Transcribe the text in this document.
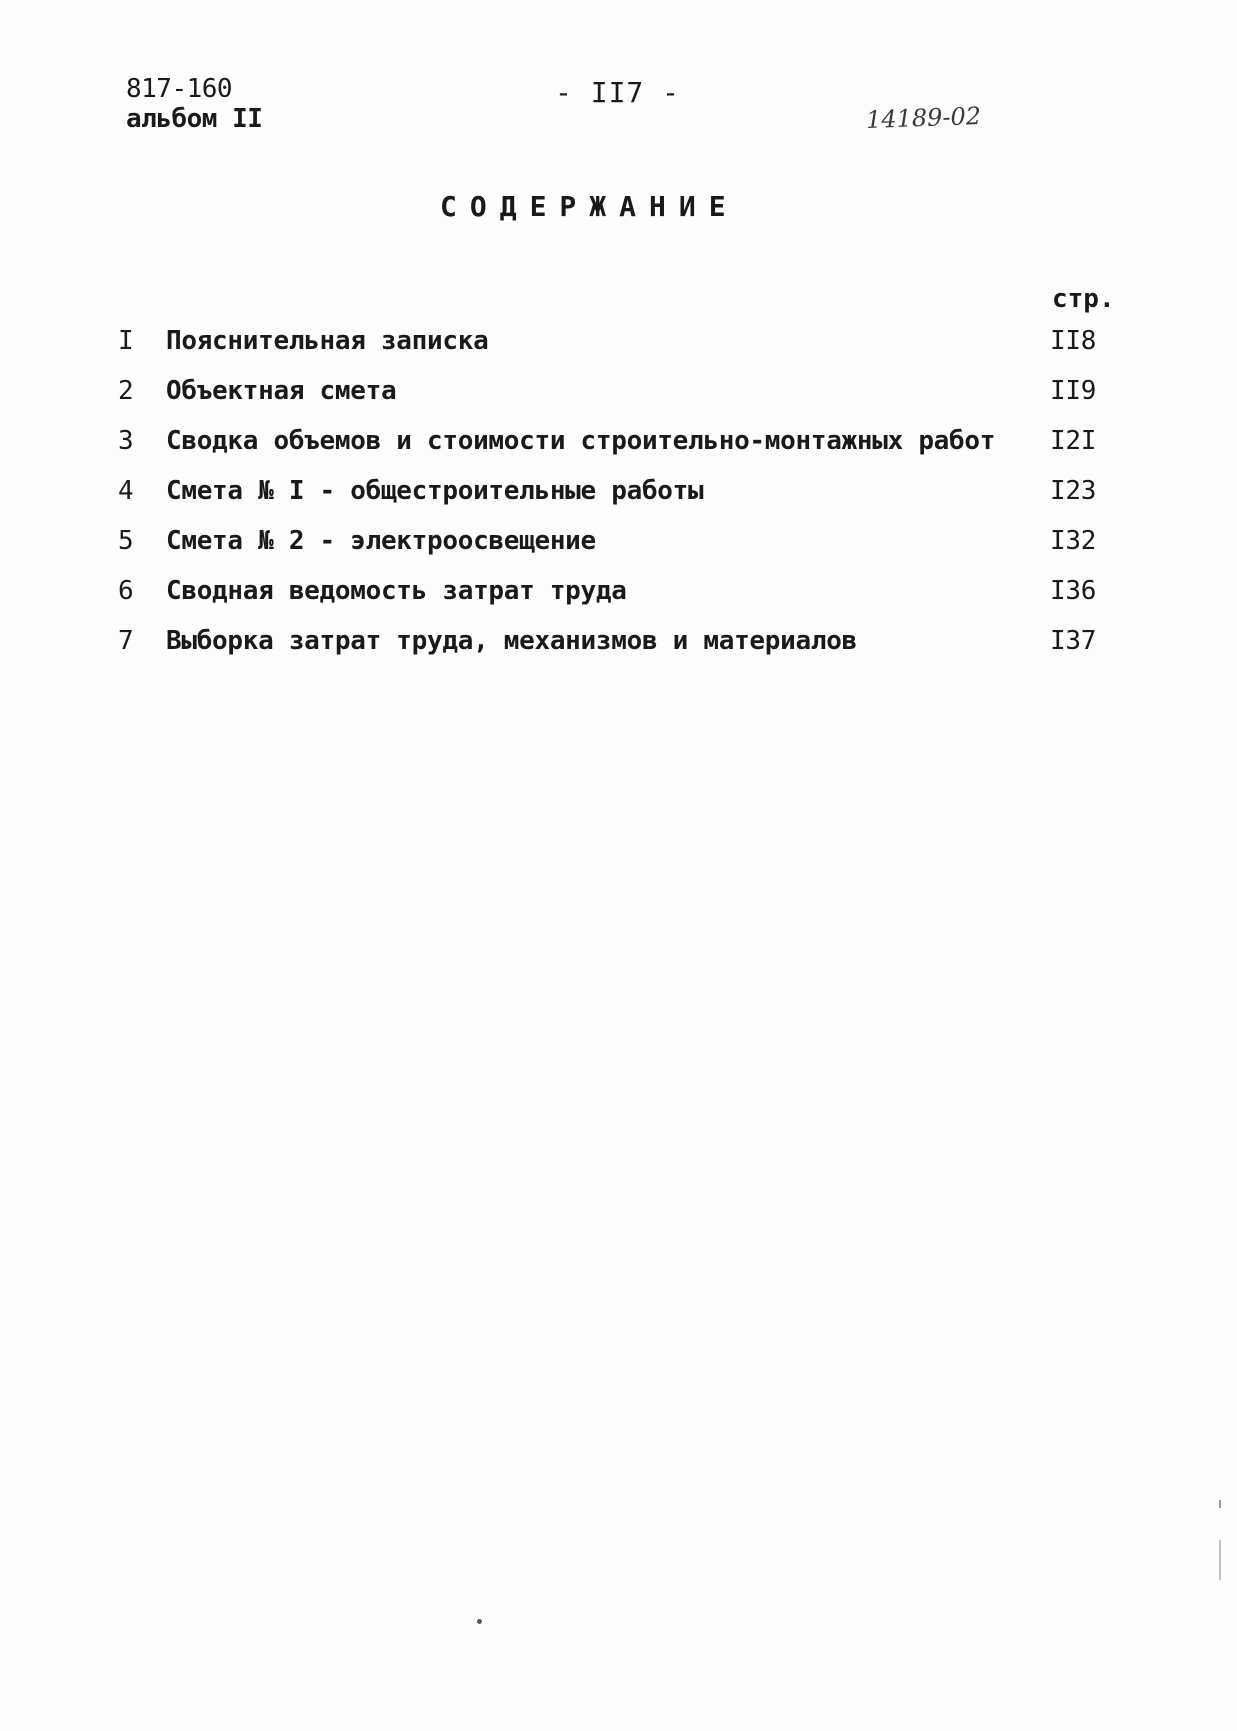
817-160
альбом II
- II7 -
14189-02
СОДЕРЖАНИЕ
стр.
I Пояснительная записка	II8
2 Объектная смета	II9
3 Сводка объемов и стоимости строительно-монтажных работ I2I
4 Смета № I - общестроительные работы	I23
5 Смета № 2 - электроосвещение	I32
6 Сводная ведомость затрат труда	I36
7 Выборка затрат труда, механизмов и материалов	I37
